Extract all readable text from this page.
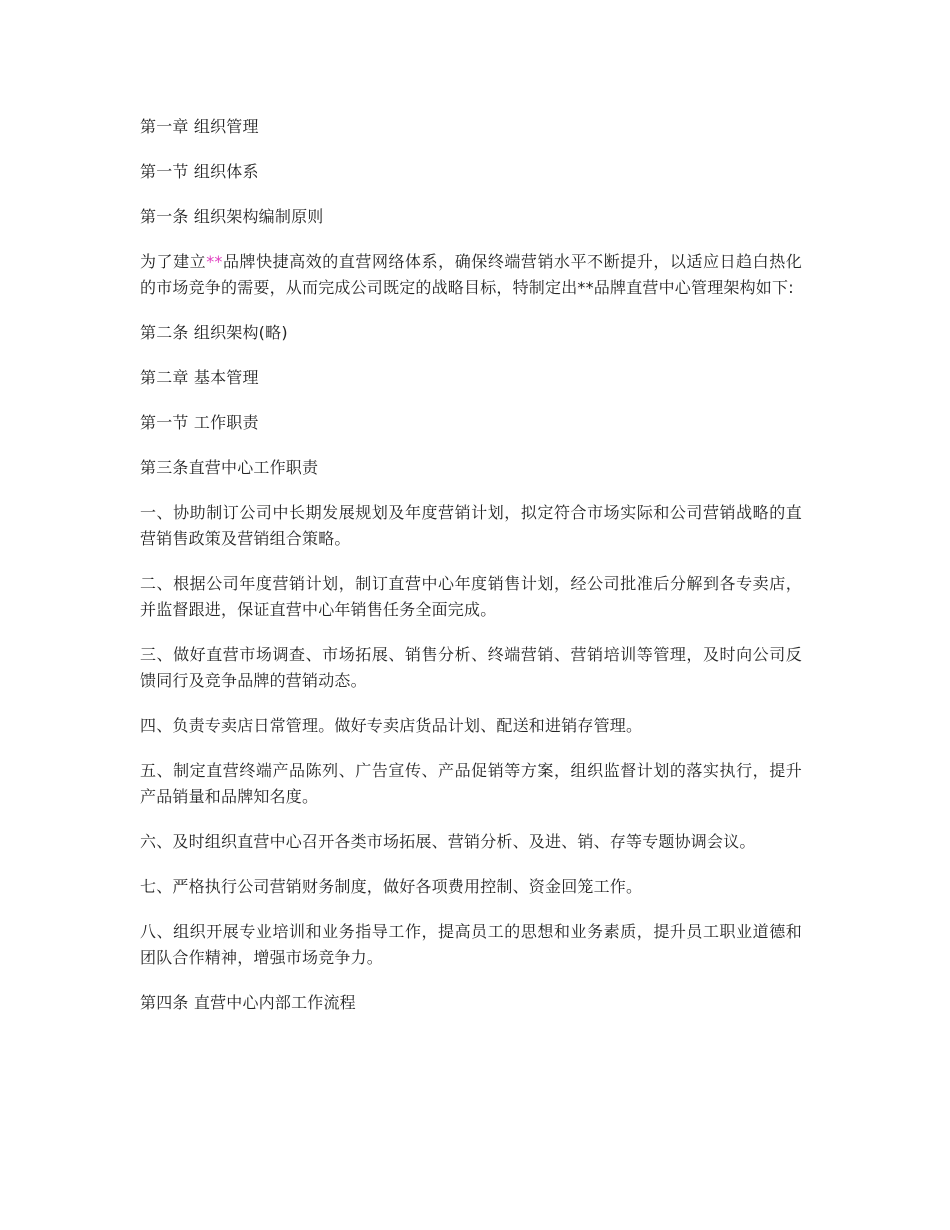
第一章 组织管理
第一节 组织体系
第一条 组织架构编制原则
为了建立**品牌快捷高效的直营网络体系，确保终端营销水平不断提升，以适应日趋白热化的市场竞争的需要，从而完成公司既定的战略目标，特制定出**品牌直营中心管理架构如下:
第二条 组织架构(略)
第二章 基本管理
第一节 工作职责
第三条直营中心工作职责
一、协助制订公司中长期发展规划及年度营销计划，拟定符合市场实际和公司营销战略的直营销售政策及营销组合策略。
二、根据公司年度营销计划，制订直营中心年度销售计划，经公司批准后分解到各专卖店，并监督跟进，保证直营中心年销售任务全面完成。
三、做好直营市场调查、市场拓展、销售分析、终端营销、营销培训等管理，及时向公司反馈同行及竞争品牌的营销动态。
四、负责专卖店日常管理。做好专卖店货品计划、配送和进销存管理。
五、制定直营终端产品陈列、广告宣传、产品促销等方案，组织监督计划的落实执行，提升产品销量和品牌知名度。
六、及时组织直营中心召开各类市场拓展、营销分析、及进、销、存等专题协调会议。
七、严格执行公司营销财务制度，做好各项费用控制、资金回笼工作。
八、组织开展专业培训和业务指导工作，提高员工的思想和业务素质，提升员工职业道德和团队合作精神，增强市场竞争力。
第四条 直营中心内部工作流程
